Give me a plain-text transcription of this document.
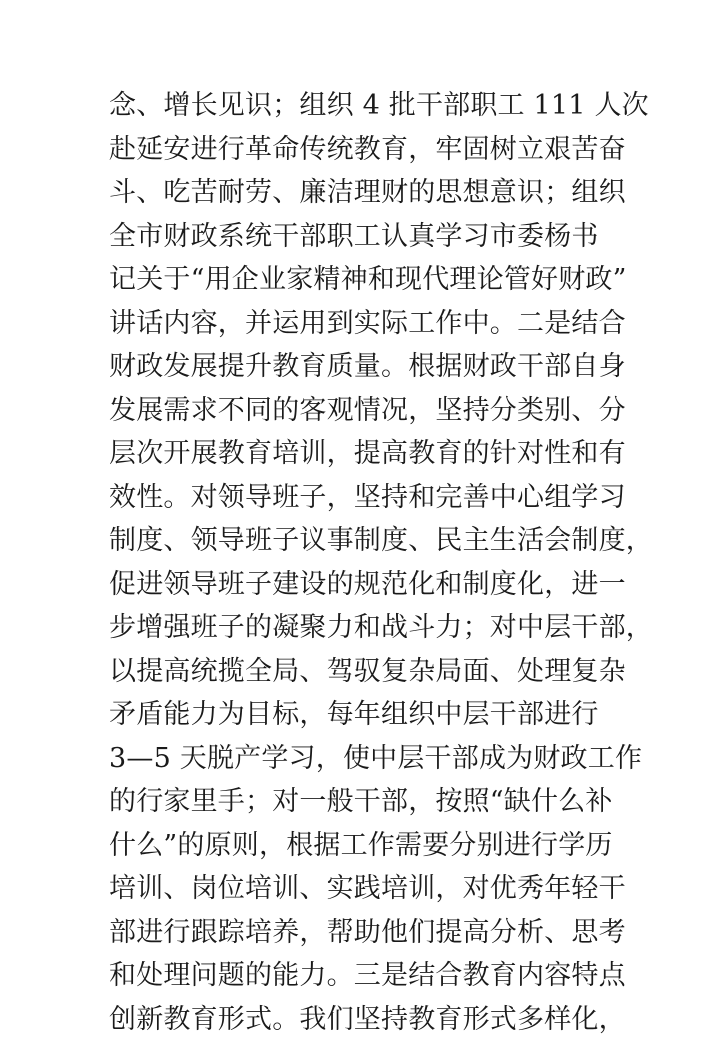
念、增长见识；组织 4 批干部职工 111 人次
赴延安进行革命传统教育，牢固树立艰苦奋
斗、吃苦耐劳、廉洁理财的思想意识；组织
全市财政系统干部职工认真学习市委杨书
记关于“用企业家精神和现代理论管好财政”
讲话内容，并运用到实际工作中。二是结合
财政发展提升教育质量。根据财政干部自身
发展需求不同的客观情况，坚持分类别、分
层次开展教育培训，提高教育的针对性和有
效性。对领导班子，坚持和完善中心组学习
制度、领导班子议事制度、民主生活会制度，
促进领导班子建设的规范化和制度化，进一
步增强班子的凝聚力和战斗力；对中层干部，
以提高统揽全局、驾驭复杂局面、处理复杂
矛盾能力为目标，每年组织中层干部进行
3—5 天脱产学习，使中层干部成为财政工作
的行家里手；对一般干部，按照“缺什么补
什么”的原则，根据工作需要分别进行学历
培训、岗位培训、实践培训，对优秀年轻干
部进行跟踪培养，帮助他们提高分析、思考
和处理问题的能力。三是结合教育内容特点
创新教育形式。我们坚持教育形式多样化，
